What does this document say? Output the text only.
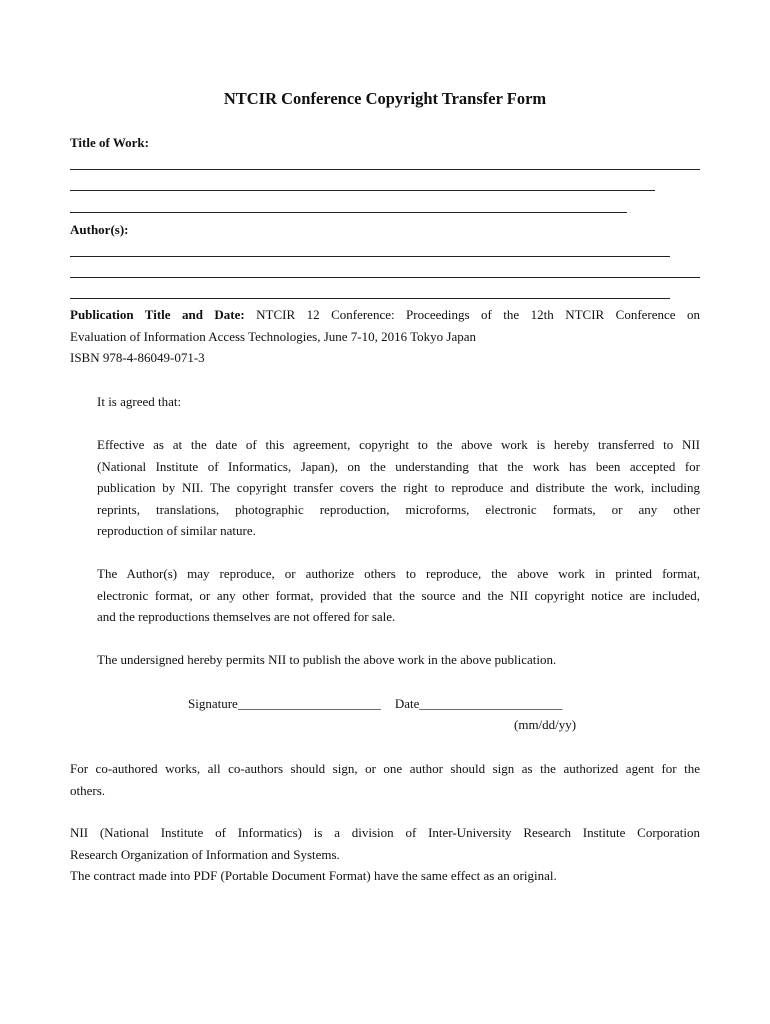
NTCIR Conference Copyright Transfer Form
Title of Work:
Author(s):
Publication Title and Date: NTCIR 12 Conference: Proceedings of the 12th NTCIR Conference on
Evaluation of Information Access Technologies, June 7-10, 2016 Tokyo Japan
ISBN 978-4-86049-071-3
It is agreed that:
Effective as at the date of this agreement, copyright to the above work is hereby transferred to NII
(National Institute of Informatics, Japan), on the understanding that the work has been accepted for
publication by NII. The copyright transfer covers the right to reproduce and distribute the work, including
reprints, translations, photographic reproduction, microforms, electronic formats, or any other
reproduction of similar nature.
The Author(s) may reproduce, or authorize others to reproduce, the above work in printed format,
electronic format, or any other format, provided that the source and the NII copyright notice are included,
and the reproductions themselves are not offered for sale.
The undersigned hereby permits NII to publish the above work in the above publication.
Signature______________________ Date______________________
(mm/dd/yy)
For co-authored works, all co-authors should sign, or one author should sign as the authorized agent for the
others.
NII (National Institute of Informatics) is a division of Inter-University Research Institute Corporation
Research Organization of Information and Systems.
The contract made into PDF (Portable Document Format) have the same effect as an original.
